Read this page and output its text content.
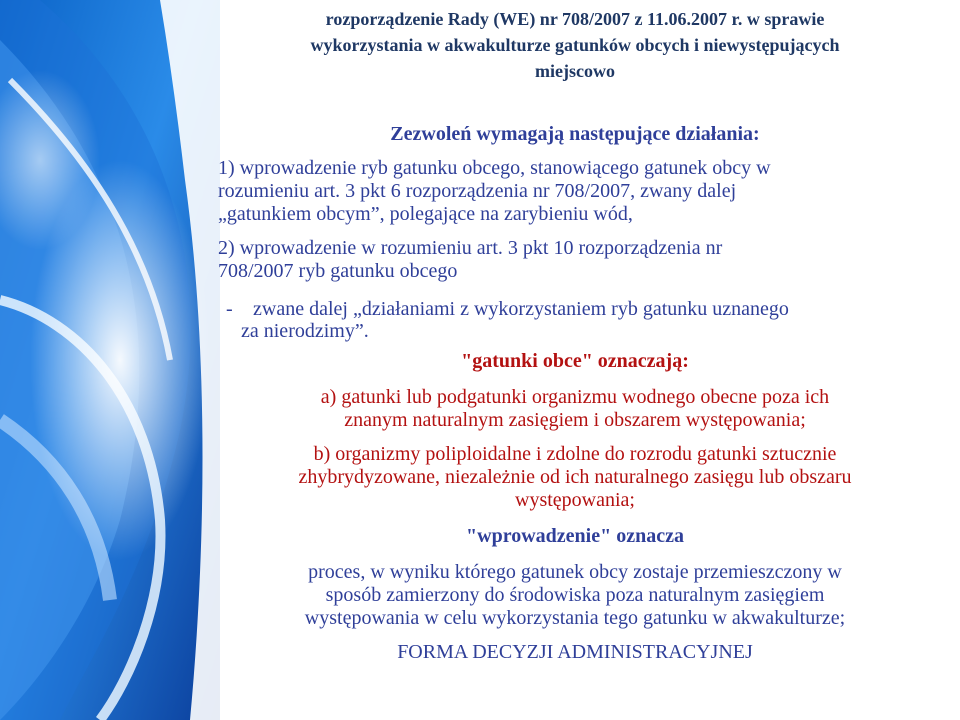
rozporządzenie Rady (WE) nr 708/2007 z 11.06.2007 r. w sprawie
wykorzystania w akwakulturze gatunków obcych i niewystępujących
miejscowo
Zezwoleń wymagają następujące działania:
1) wprowadzenie ryb gatunku obcego, stanowiącego gatunek obcy w
rozumieniu art. 3 pkt 6 rozporządzenia nr 708/2007, zwany dalej
„gatunkiem obcym”, polegające na zarybieniu wód,
2) wprowadzenie w rozumieniu art. 3 pkt 10 rozporządzenia nr
708/2007 ryb gatunku obcego
- zwane dalej „działaniami z wykorzystaniem ryb gatunku uznanego
za nierodzimy”.
"gatunki obce" oznaczają:
a) gatunki lub podgatunki organizmu wodnego obecne poza ich
znanym naturalnym zasięgiem i obszarem występowania;
b) organizmy poliploidalne i zdolne do rozrodu gatunki sztucznie
zhybrydyzowane, niezależnie od ich naturalnego zasięgu lub obszaru
występowania;
"wprowadzenie" oznacza
proces, w wyniku którego gatunek obcy zostaje przemieszczony w
sposób zamierzony do środowiska poza naturalnym zasięgiem
występowania w celu wykorzystania tego gatunku w akwakulturze;
FORMA DECYZJI ADMINISTRACYJNEJ
